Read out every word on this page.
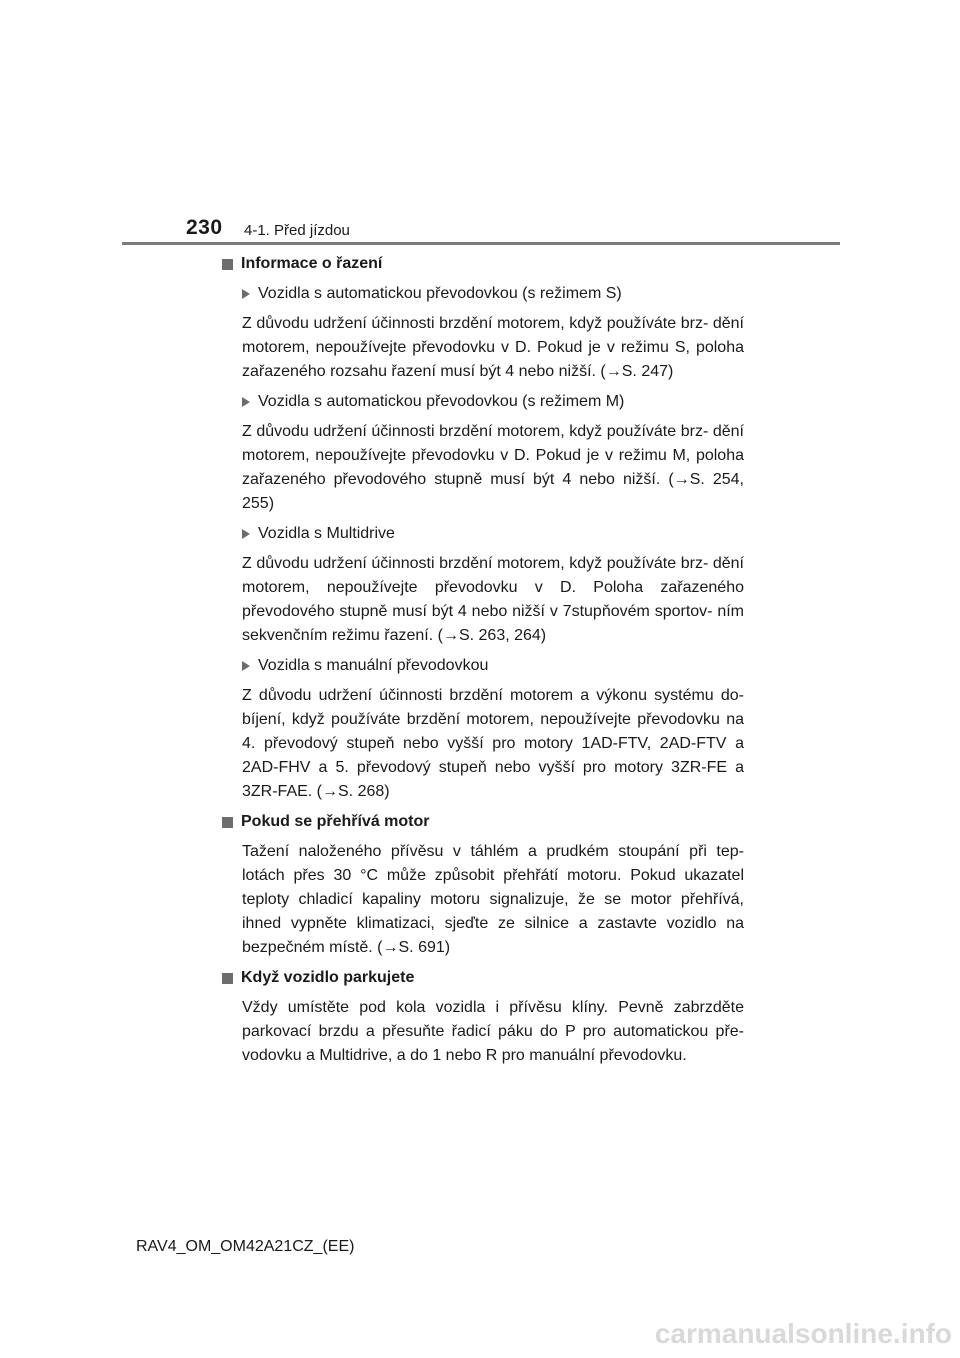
230 4-1. Před jízdou
Informace o řazení
Vozidla s automatickou převodovkou (s režimem S)
Z důvodu udržení účinnosti brzdění motorem, když používáte brz- dění motorem, nepoužívejte převodovku v D. Pokud je v režimu S, poloha zařazeného rozsahu řazení musí být 4 nebo nižší. (→S. 247)
Vozidla s automatickou převodovkou (s režimem M)
Z důvodu udržení účinnosti brzdění motorem, když používáte brz- dění motorem, nepoužívejte převodovku v D. Pokud je v režimu M, poloha zařazeného převodového stupně musí být 4 nebo nižší. (→S. 254, 255)
Vozidla s Multidrive
Z důvodu udržení účinnosti brzdění motorem, když používáte brz- dění motorem, nepoužívejte převodovku v D. Poloha zařazeného převodového stupně musí být 4 nebo nižší v 7stupňovém sportov- ním sekvenčním režimu řazení. (→S. 263, 264)
Vozidla s manuální převodovkou
Z důvodu udržení účinnosti brzdění motorem a výkonu systému do- bíjení, když používáte brzdění motorem, nepoužívejte převodovku na 4. převodový stupeň nebo vyšší pro motory 1AD-FTV, 2AD-FTV a 2AD-FHV a 5. převodový stupeň nebo vyšší pro motory 3ZR-FE a 3ZR-FAE. (→S. 268)
Pokud se přehřívá motor
Tažení naloženého přívěsu v táhlém a prudkém stoupání při tep- lotách přes 30 °C může způsobit přehřátí motoru. Pokud ukazatel teploty chladicí kapaliny motoru signalizuje, že se motor přehřívá, ihned vypněte klimatizaci, sjeďte ze silnice a zastavte vozidlo na bezpečném místě. (→S. 691)
Když vozidlo parkujete
Vždy umístěte pod kola vozidla i přívěsu klíny. Pevně zabrzděte parkovací brzdu a přesuňte řadicí páku do P pro automatickou pře- vodovku a Multidrive, a do 1 nebo R pro manuální převodovku.
RAV4_OM_OM42A21CZ_(EE)
carmanualsonline.info
